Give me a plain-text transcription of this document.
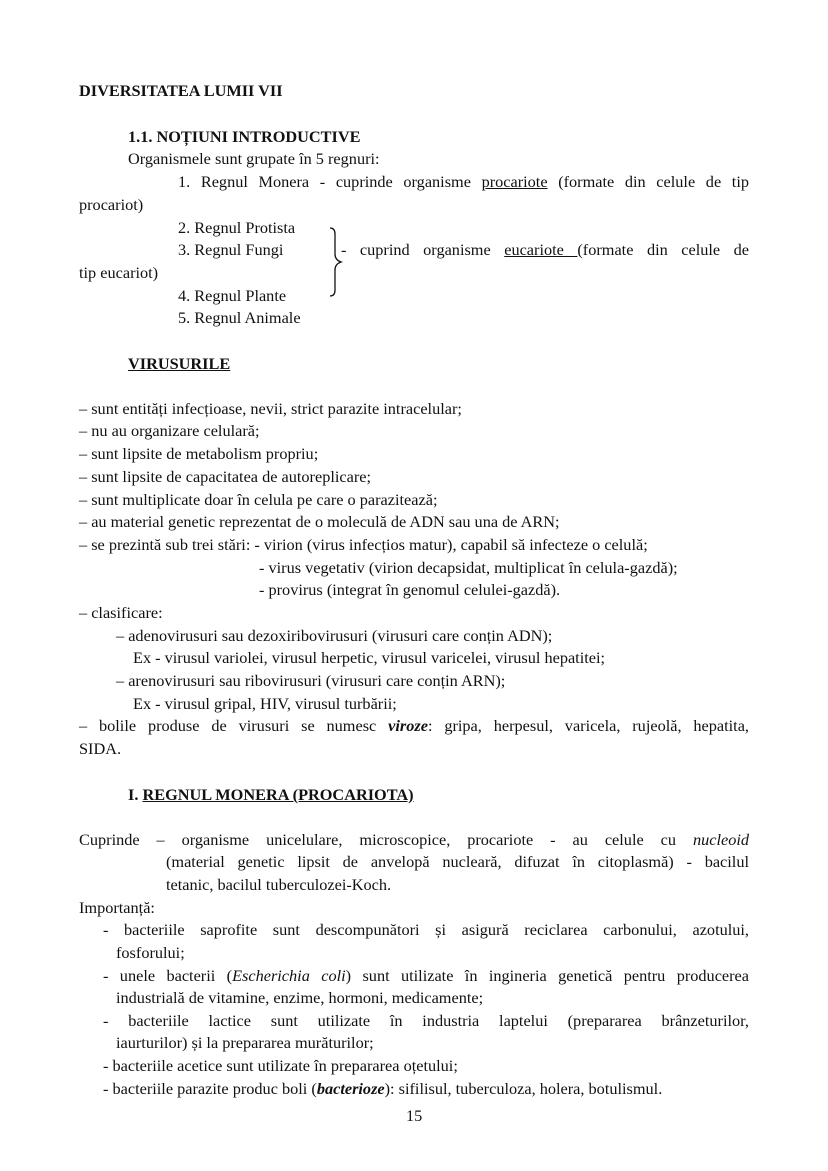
DIVERSITATEA LUMII VII
1.1. NOȚIUNI INTRODUCTIVE
Organismele sunt grupate în 5 regnuri:
1. Regnul Monera - cuprinde organisme procariote (formate din celule de tip
procariot)
2. Regnul Protista
3. Regnul Fungi	- cuprind organisme eucariote (formate din celule de
tip eucariot)
4. Regnul Plante
5. Regnul Animale
VIRUSURILE
– sunt entități infecțioase, nevii, strict parazite intracelular;
– nu au organizare celulară;
– sunt lipsite de metabolism propriu;
– sunt lipsite de capacitatea de autoreplicare;
– sunt multiplicate doar în celula pe care o parazitează;
– au material genetic reprezentat de o moleculă de ADN sau una de ARN;
– se prezintă sub trei stări: - virion (virus infecțios matur), capabil să infecteze o celulă;
- virus vegetativ (virion decapsidat, multiplicat în celula-gazdă);
- provirus (integrat în genomul celulei-gazdă).
– clasificare:
– adenovirusuri sau dezoxiribovirusuri (virusuri care conțin ADN);
Ex - virusul variolei, virusul herpetic, virusul varicelei, virusul hepatitei;
– arenovirusuri sau ribovirusuri (virusuri care conțin ARN);
Ex - virusul gripal, HIV, virusul turbării;
– bolile produse de virusuri se numesc viroze: gripa, herpesul, varicela, rujeolă, hepatita,
SIDA.
I. REGNUL MONERA (PROCARIOTA)
Cuprinde – organisme unicelulare, microscopice, procariote - au celule cu nucleoid
(material genetic lipsit de anvelopă nucleară, difuzat în citoplasmă) - bacilul
tetanic, bacilul tuberculozei-Koch.
Importanță:
- bacteriile saprofite sunt descompunători și asigură reciclarea carbonului, azotului,
fosforului;
- unele bacterii (Escherichia coli) sunt utilizate în ingineria genetică pentru producerea
industrială de vitamine, enzime, hormoni, medicamente;
- bacteriile lactice sunt utilizate în industria laptelui (prepararea brânzeturilor,
iaurturilor) și la prepararea murăturilor;
- bacteriile acetice sunt utilizate în prepararea oțetului;
- bacteriile parazite produc boli (bacterioze): sifilisul, tuberculoza, holera, botulismul.
15
